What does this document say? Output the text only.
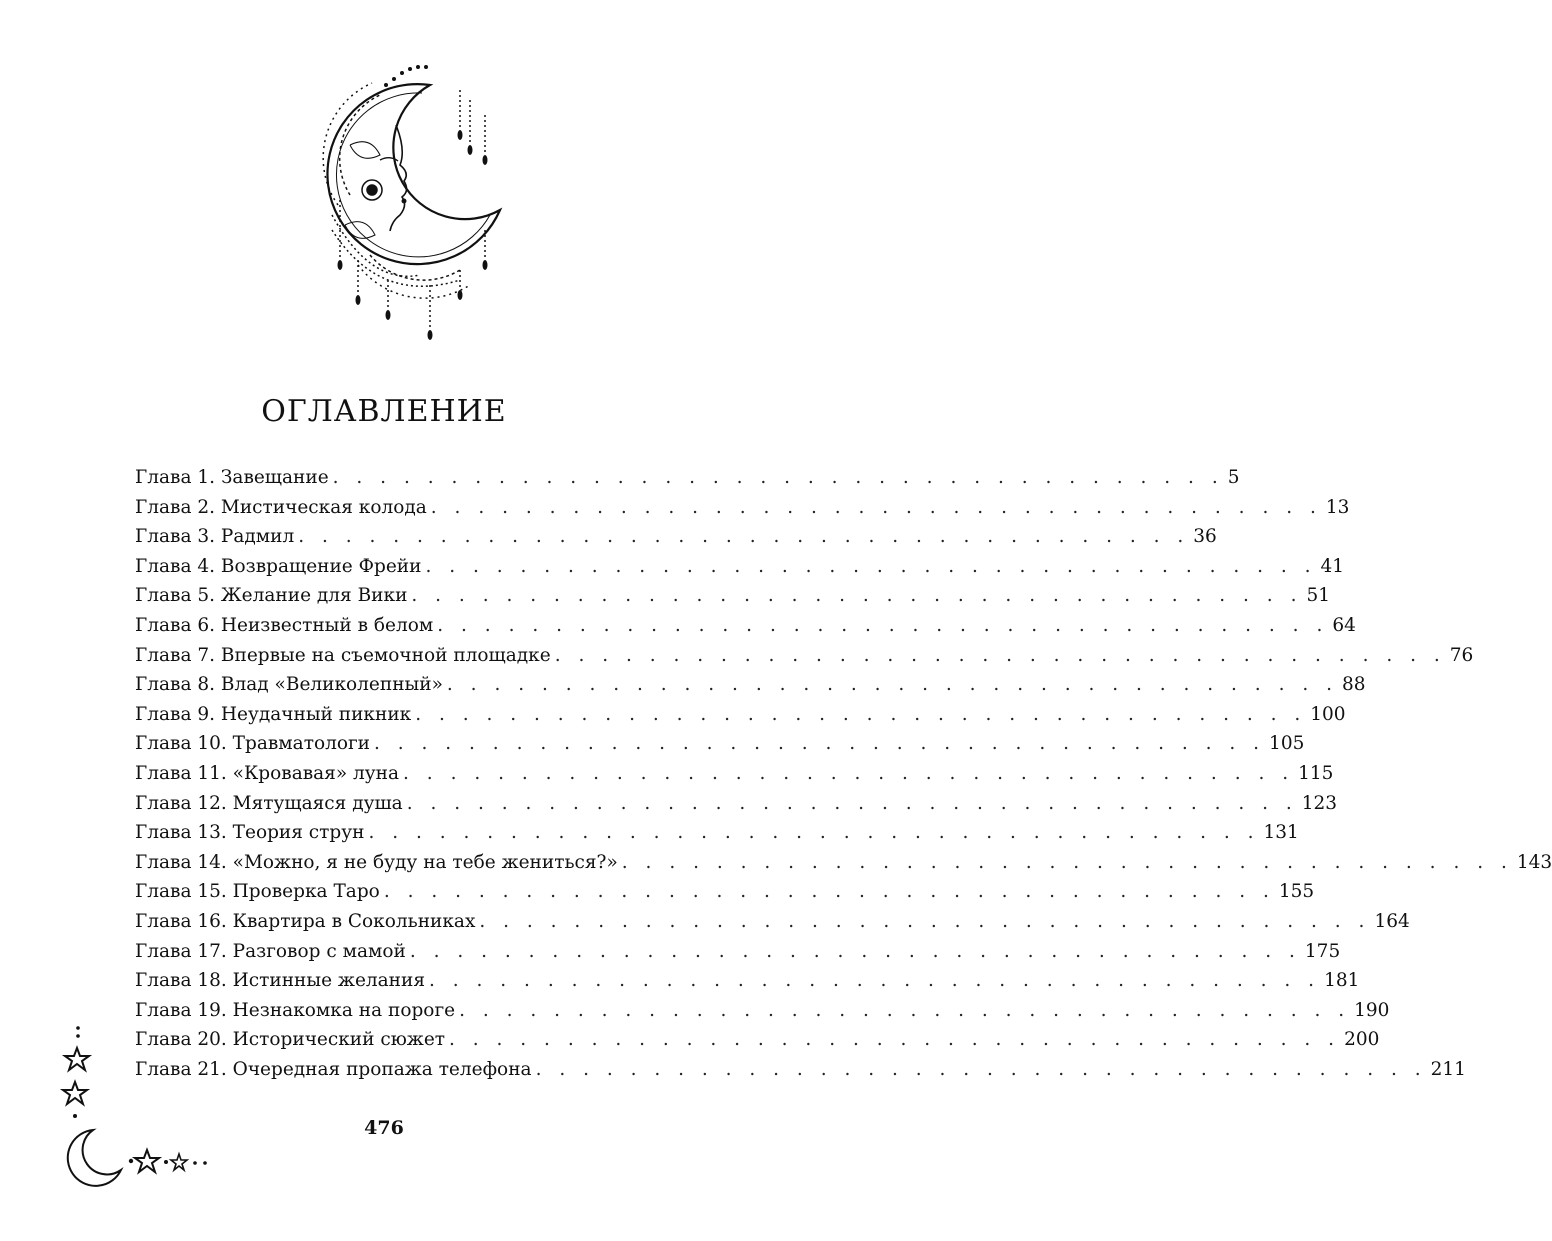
ОГЛАВЛЕНИЕ
Глава 1. Завещание . . . . . . . . . . . . . . . . . . . . . . . . . . . . . . . . . . . . . . 5
Глава 2. Мистическая колода . . . . . . . . . . . . . . . . . . . . . . . . . . . . . . . . . . . . . . 13
Глава 3. Радмил . . . . . . . . . . . . . . . . . . . . . . . . . . . . . . . . . . . . . . 36
Глава 4. Возвращение Фрейи . . . . . . . . . . . . . . . . . . . . . . . . . . . . . . . . . . . . . . 41
Глава 5. Желание для Вики . . . . . . . . . . . . . . . . . . . . . . . . . . . . . . . . . . . . . . 51
Глава 6. Неизвестный в белом . . . . . . . . . . . . . . . . . . . . . . . . . . . . . . . . . . . . . . 64
Глава 7. Впервые на съемочной площадке . . . . . . . . . . . . . . . . . . . . . . . . . . . . . . . . . . . . . . 76
Глава 8. Влад «Великолепный» . . . . . . . . . . . . . . . . . . . . . . . . . . . . . . . . . . . . . . 88
Глава 9. Неудачный пикник . . . . . . . . . . . . . . . . . . . . . . . . . . . . . . . . . . . . . . 100
Глава 10. Травматологи . . . . . . . . . . . . . . . . . . . . . . . . . . . . . . . . . . . . . . 105
Глава 11. «Кровавая» луна . . . . . . . . . . . . . . . . . . . . . . . . . . . . . . . . . . . . . . 115
Глава 12. Мятущаяся душа . . . . . . . . . . . . . . . . . . . . . . . . . . . . . . . . . . . . . . 123
Глава 13. Теория струн . . . . . . . . . . . . . . . . . . . . . . . . . . . . . . . . . . . . . . 131
Глава 14. «Можно, я не буду на тебе жениться?» . . . . . . . . . . . . . . . . . . . . . . . . . . . . . . . . . . . . . . 143
Глава 15. Проверка Таро . . . . . . . . . . . . . . . . . . . . . . . . . . . . . . . . . . . . . . 155
Глава 16. Квартира в Сокольниках . . . . . . . . . . . . . . . . . . . . . . . . . . . . . . . . . . . . . . 164
Глава 17. Разговор с мамой . . . . . . . . . . . . . . . . . . . . . . . . . . . . . . . . . . . . . . 175
Глава 18. Истинные желания . . . . . . . . . . . . . . . . . . . . . . . . . . . . . . . . . . . . . . 181
Глава 19. Незнакомка на пороге . . . . . . . . . . . . . . . . . . . . . . . . . . . . . . . . . . . . . . 190
Глава 20. Исторический сюжет . . . . . . . . . . . . . . . . . . . . . . . . . . . . . . . . . . . . . . 200
Глава 21. Очередная пропажа телефона . . . . . . . . . . . . . . . . . . . . . . . . . . . . . . . . . . . . . . 211
476
